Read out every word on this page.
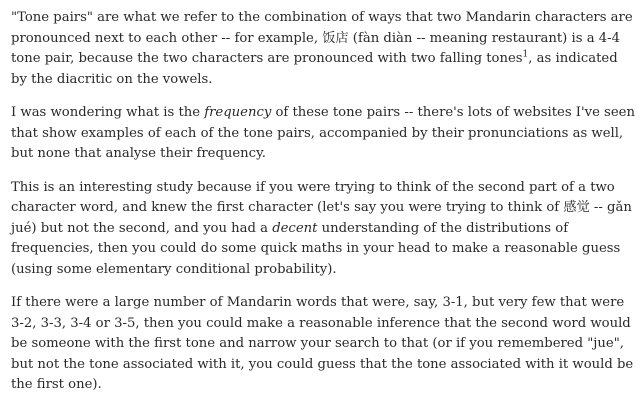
"Tone pairs" are what we refer to the combination of ways that two Mandarin characters are pronounced next to each other -- for example, 饭店 (fàn diàn -- meaning restaurant) is a 4-4 tone pair, because the two characters are pronounced with two falling tones$^1$, as indicated by the diacritic on the vowels.

I was wondering what is the frequency of these tone pairs -- there's lots of websites I've seen that show examples of each of the tone pairs, accompanied by their pronunciations as well, but none that analyse their frequency.

This is an interesting study because if you were trying to think of the second part of a two character word, and knew the first character (let's say you were trying to think of 感觉 -- gǎn jué) but not the second, and you had a decent understanding of the distributions of frequencies, then you could do some quick maths in your head to make a reasonable guess (using some elementary conditional probability).

If there were a large number of Mandarin words that were, say, 3-1, but very few that were 3-2, 3-3, 3-4 or 3-5, then you could make a reasonable inference that the second word would be someone with the first tone and narrow your search to that (or if you remembered "jue", but not the tone associated with it, you could guess that the tone associated with it would be the first one).
